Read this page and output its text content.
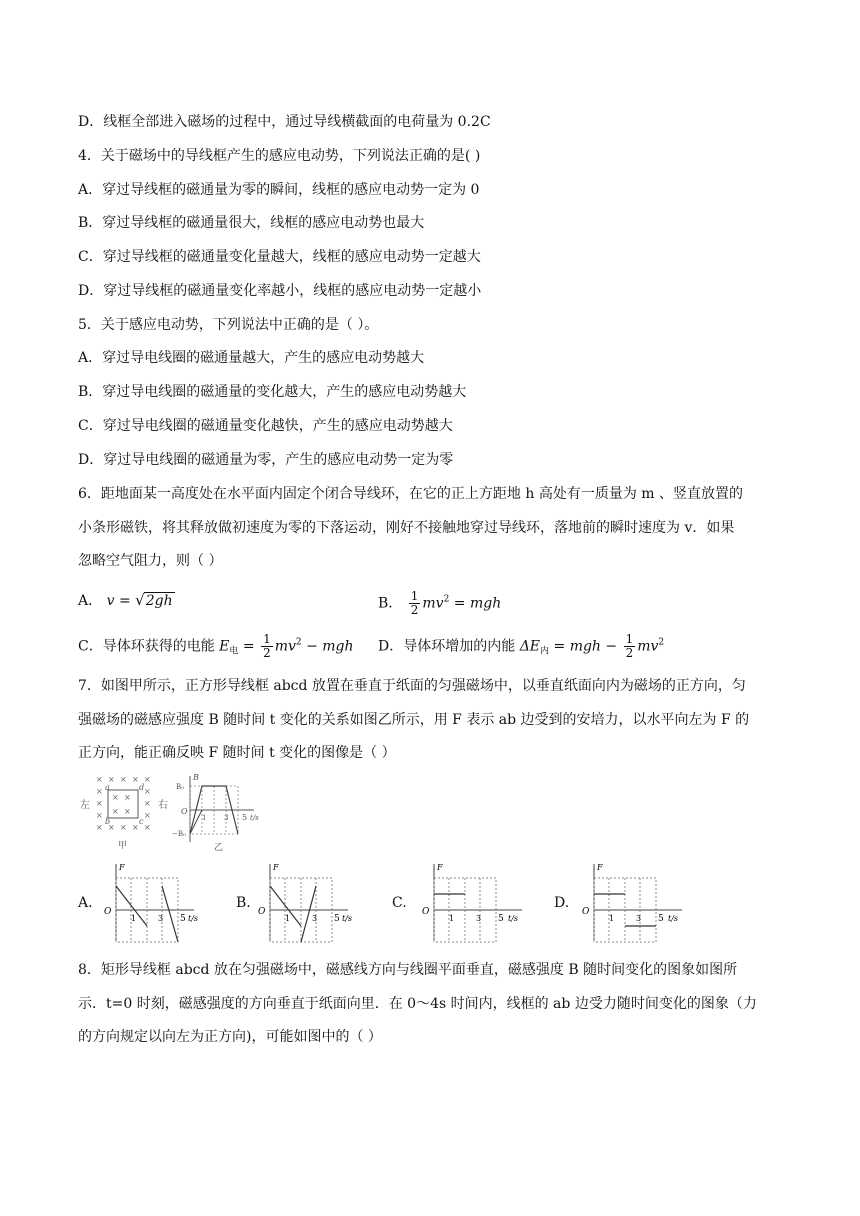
D．线框全部进入磁场的过程中，通过导线横截面的电荷量为 0.2C
4．关于磁场中的导线框产生的感应电动势，下列说法正确的是( )
A．穿过导线框的磁通量为零的瞬间，线框的感应电动势一定为 0
B．穿过导线框的磁通量很大，线框的感应电动势也最大
C．穿过导线框的磁通量变化量越大，线框的感应电动势一定越大
D．穿过导线框的磁通量变化率越小，线框的感应电动势一定越小
5．关于感应电动势，下列说法中正确的是（ ）。
A．穿过导电线圈的磁通量越大，产生的感应电动势越大
B．穿过导电线圈的磁通量的变化越大，产生的感应电动势越大
C．穿过导电线圈的磁通量变化越快，产生的感应电动势越大
D．穿过导电线圈的磁通量为零，产生的感应电动势一定为零
6．距地面某一高度处在水平面内固定个闭合导线环，在它的正上方距地 h 高处有一质量为 m 、竖直放置的
小条形磁铁，将其释放做初速度为零的下落运动，刚好不接触地穿过导线环，落地前的瞬时速度为 v．如果
忽略空气阻力，则（ ）
A． v = √2gh	B． $\frac{1}{2} mv^2$ = mgh
C．导体环获得的电能 $E_电 = \frac{1}{2} mv^2$ − mgh D．导体环增加的内能 $\Delta E_内$ = mgh − $\frac{1}{2} mv^2$
7．如图甲所示，正方形导线框 abcd 放置在垂直于纸面的匀强磁场中，以垂直纸面向内为磁场的正方向，匀
强磁场的磁感应强度 B 随时间 t 变化的关系如图乙所示，用 F 表示 ab 边受到的安培力，以水平向左为 F 的
正方向，能正确反映 F 随时间 t 变化的图像是（ ）
× × × × ×
×	×
×	×
×	×
× × × × ×
× ×
× ×
a	d
b	c
左	右
甲
B
B₀
−B₀
O
1	3 5 t/s
乙
A.
F
O
1	3 5 t/s
B.
F
O
1	3 5 t/s
C.
F
O
1	3 5 t/s
D.
F
O
1	3 5 t/s
8．矩形导线框 abcd 放在匀强磁场中，磁感线方向与线圈平面垂直，磁感强度 B 随时间变化的图象如图所
示．t=0 时刻，磁感强度的方向垂直于纸面向里．在 0～4s 时间内，线框的 ab 边受力随时间变化的图象（力
的方向规定以向左为正方向)，可能如图中的（ ）
